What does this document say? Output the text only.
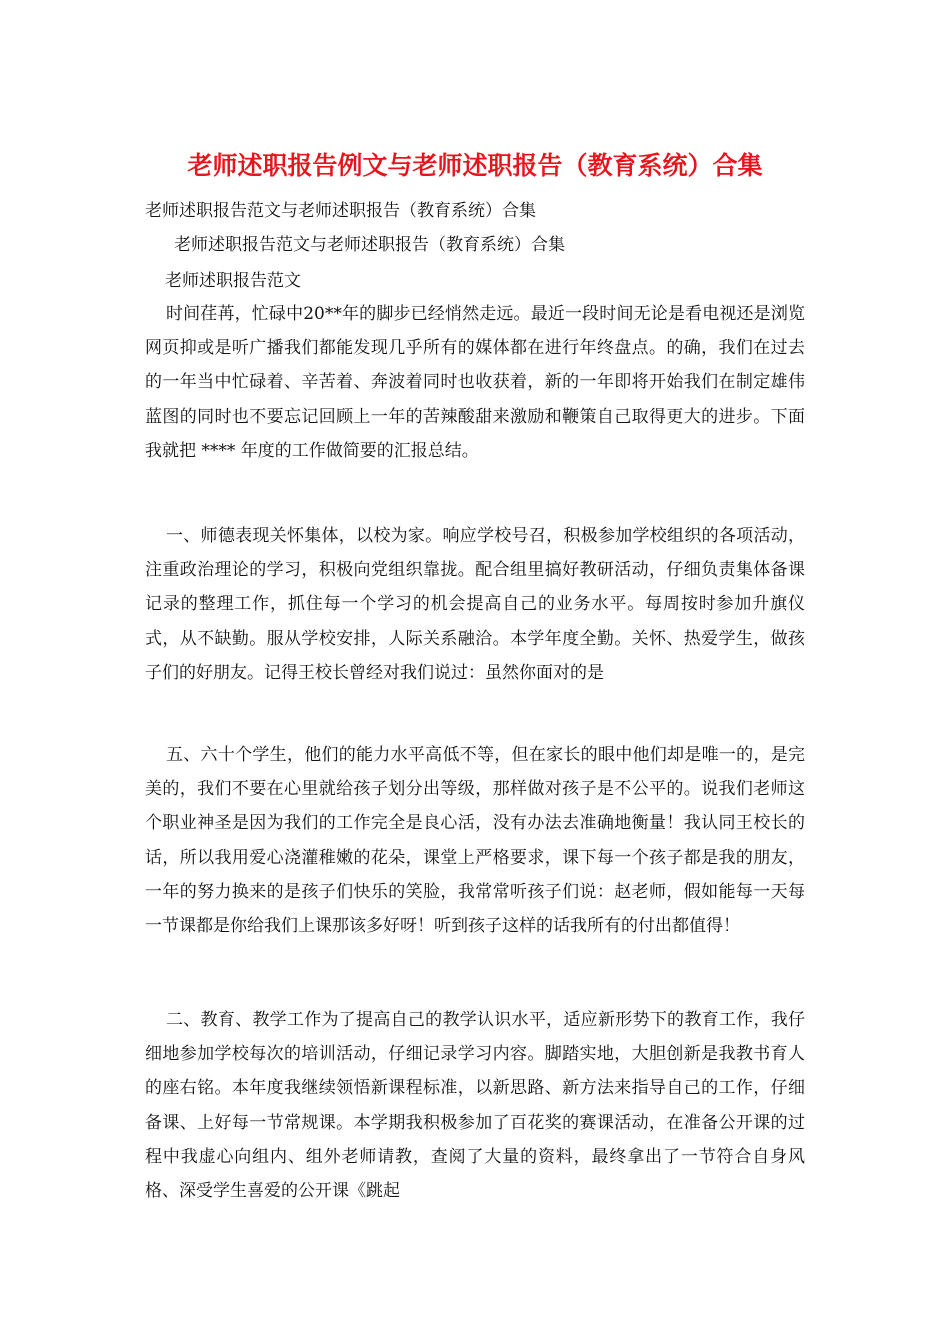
老师述职报告例文与老师述职报告（教育系统）合集

老师述职报告范文与老师述职报告（教育系统）合集

老师述职报告范文与老师述职报告（教育系统）合集

老师述职报告范文

时间荏苒，忙碌中20**年的脚步已经悄然走远。最近一段时间无论是看电视还是浏览网页抑或是听广播我们都能发现几乎所有的媒体都在进行年终盘点。的确，我们在过去的一年当中忙碌着、辛苦着、奔波着同时也收获着，新的一年即将开始我们在制定雄伟蓝图的同时也不要忘记回顾上一年的苦辣酸甜来激励和鞭策自己取得更大的进步。下面我就把 **** 年度的工作做简要的汇报总结。

一、师德表现关怀集体，以校为家。响应学校号召，积极参加学校组织的各项活动，注重政治理论的学习，积极向党组织靠拢。配合组里搞好教研活动，仔细负责集体备课记录的整理工作，抓住每一个学习的机会提高自己的业务水平。每周按时参加升旗仪式，从不缺勤。服从学校安排，人际关系融洽。本学年度全勤。关怀、热爱学生，做孩子们的好朋友。记得王校长曾经对我们说过：虽然你面对的是

五、六十个学生，他们的能力水平高低不等，但在家长的眼中他们却是唯一的，是完美的，我们不要在心里就给孩子划分出等级，那样做对孩子是不公平的。说我们老师这个职业神圣是因为我们的工作完全是良心活，没有办法去准确地衡量！我认同王校长的话，所以我用爱心浇灌稚嫩的花朵，课堂上严格要求，课下每一个孩子都是我的朋友，一年的努力换来的是孩子们快乐的笑脸，我常常听孩子们说：赵老师，假如能每一天每一节课都是你给我们上课那该多好呀！听到孩子这样的话我所有的付出都值得！

二、教育、教学工作为了提高自己的教学认识水平，适应新形势下的教育工作，我仔细地参加学校每次的培训活动，仔细记录学习内容。脚踏实地，大胆创新是我教书育人的座右铭。本年度我继续领悟新课程标准，以新思路、新方法来指导自己的工作，仔细备课、上好每一节常规课。本学期我积极参加了百花奖的赛课活动，在准备公开课的过程中我虚心向组内、组外老师请教，查阅了大量的资料，最终拿出了一节符合自身风格、深受学生喜爱的公开课《跳起
